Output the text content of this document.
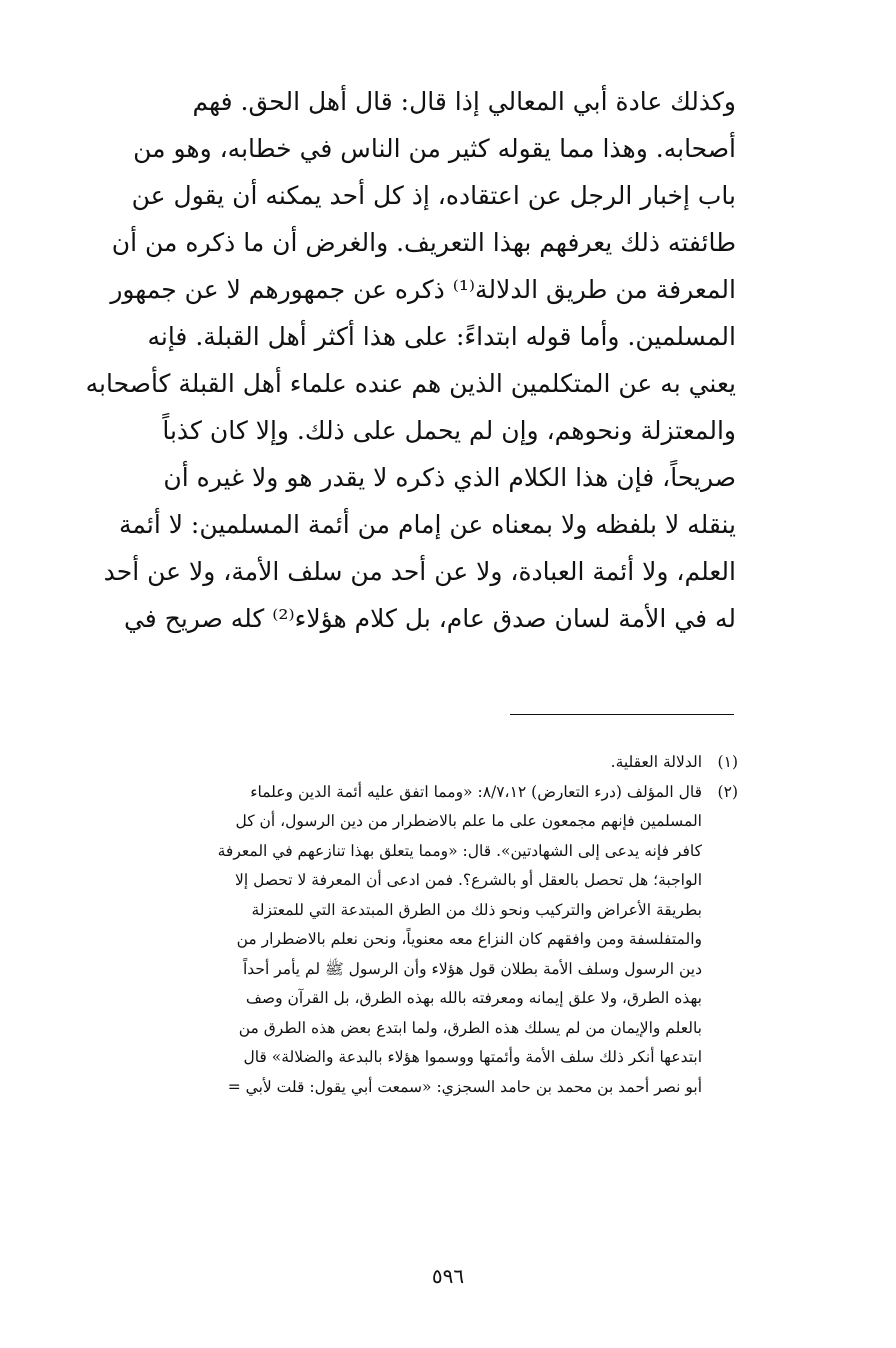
وكذلك عادة أبي المعالي إذا قال: قال أهل الحق. فهم
أصحابه. وهذا مما يقوله كثير من الناس في خطابه، وهو من
باب إخبار الرجل عن اعتقاده، إذ كل أحد يمكنه أن يقول عن
طائفته ذلك يعرفهم بهذا التعريف. والغرض أن ما ذكره من أن
المعرفة من طريق الدلالة⁽¹⁾ ذكره عن جمهورهم لا عن جمهور
المسلمين. وأما قوله ابتداءً: على هذا أكثر أهل القبلة. فإنه
يعني به عن المتكلمين الذين هم عنده علماء أهل القبلة كأصحابه
والمعتزلة ونحوهم، وإن لم يحمل على ذلك. وإلا كان كذباً
صريحاً، فإن هذا الكلام الذي ذكره لا يقدر هو ولا غيره أن
ينقله لا بلفظه ولا بمعناه عن إمام من أئمة المسلمين: لا أئمة
العلم، ولا أئمة العبادة، ولا عن أحد من سلف الأمة، ولا عن أحد
له في الأمة لسان صدق عام، بل كلام هؤلاء⁽²⁾ كله صريح في
(١)
الدلالة العقلية.
(٢)
قال المؤلف (درء التعارض) ٨/٧،١٢: «ومما اتفق عليه أئمة الدين وعلماء
المسلمين فإنهم مجمعون على ما علم بالاضطرار من دين الرسول، أن كل
كافر فإنه يدعى إلى الشهادتين». قال: «ومما يتعلق بهذا تنازعهم في المعرفة
الواجبة؛ هل تحصل بالعقل أو بالشرع؟. فمن ادعى أن المعرفة لا تحصل إلا
بطريقة الأعراض والتركيب ونحو ذلك من الطرق المبتدعة التي للمعتزلة
والمتفلسفة ومن وافقهم كان النزاع معه معنوياً، ونحن نعلم بالاضطرار من
دين الرسول وسلف الأمة بطلان قول هؤلاء وأن الرسول ﷺ لم يأمر أحداً
بهذه الطرق، ولا علق إيمانه ومعرفته بالله بهذه الطرق، بل القرآن وصف
بالعلم والإيمان من لم يسلك هذه الطرق، ولما ابتدع بعض هذه الطرق من
ابتدعها أنكر ذلك سلف الأمة وأئمتها ووسموا هؤلاء بالبدعة والضلالة» قال
أبو نصر أحمد بن محمد بن حامد السجزي: «سمعت أبي يقول: قلت لأبي =
٥٩٦
